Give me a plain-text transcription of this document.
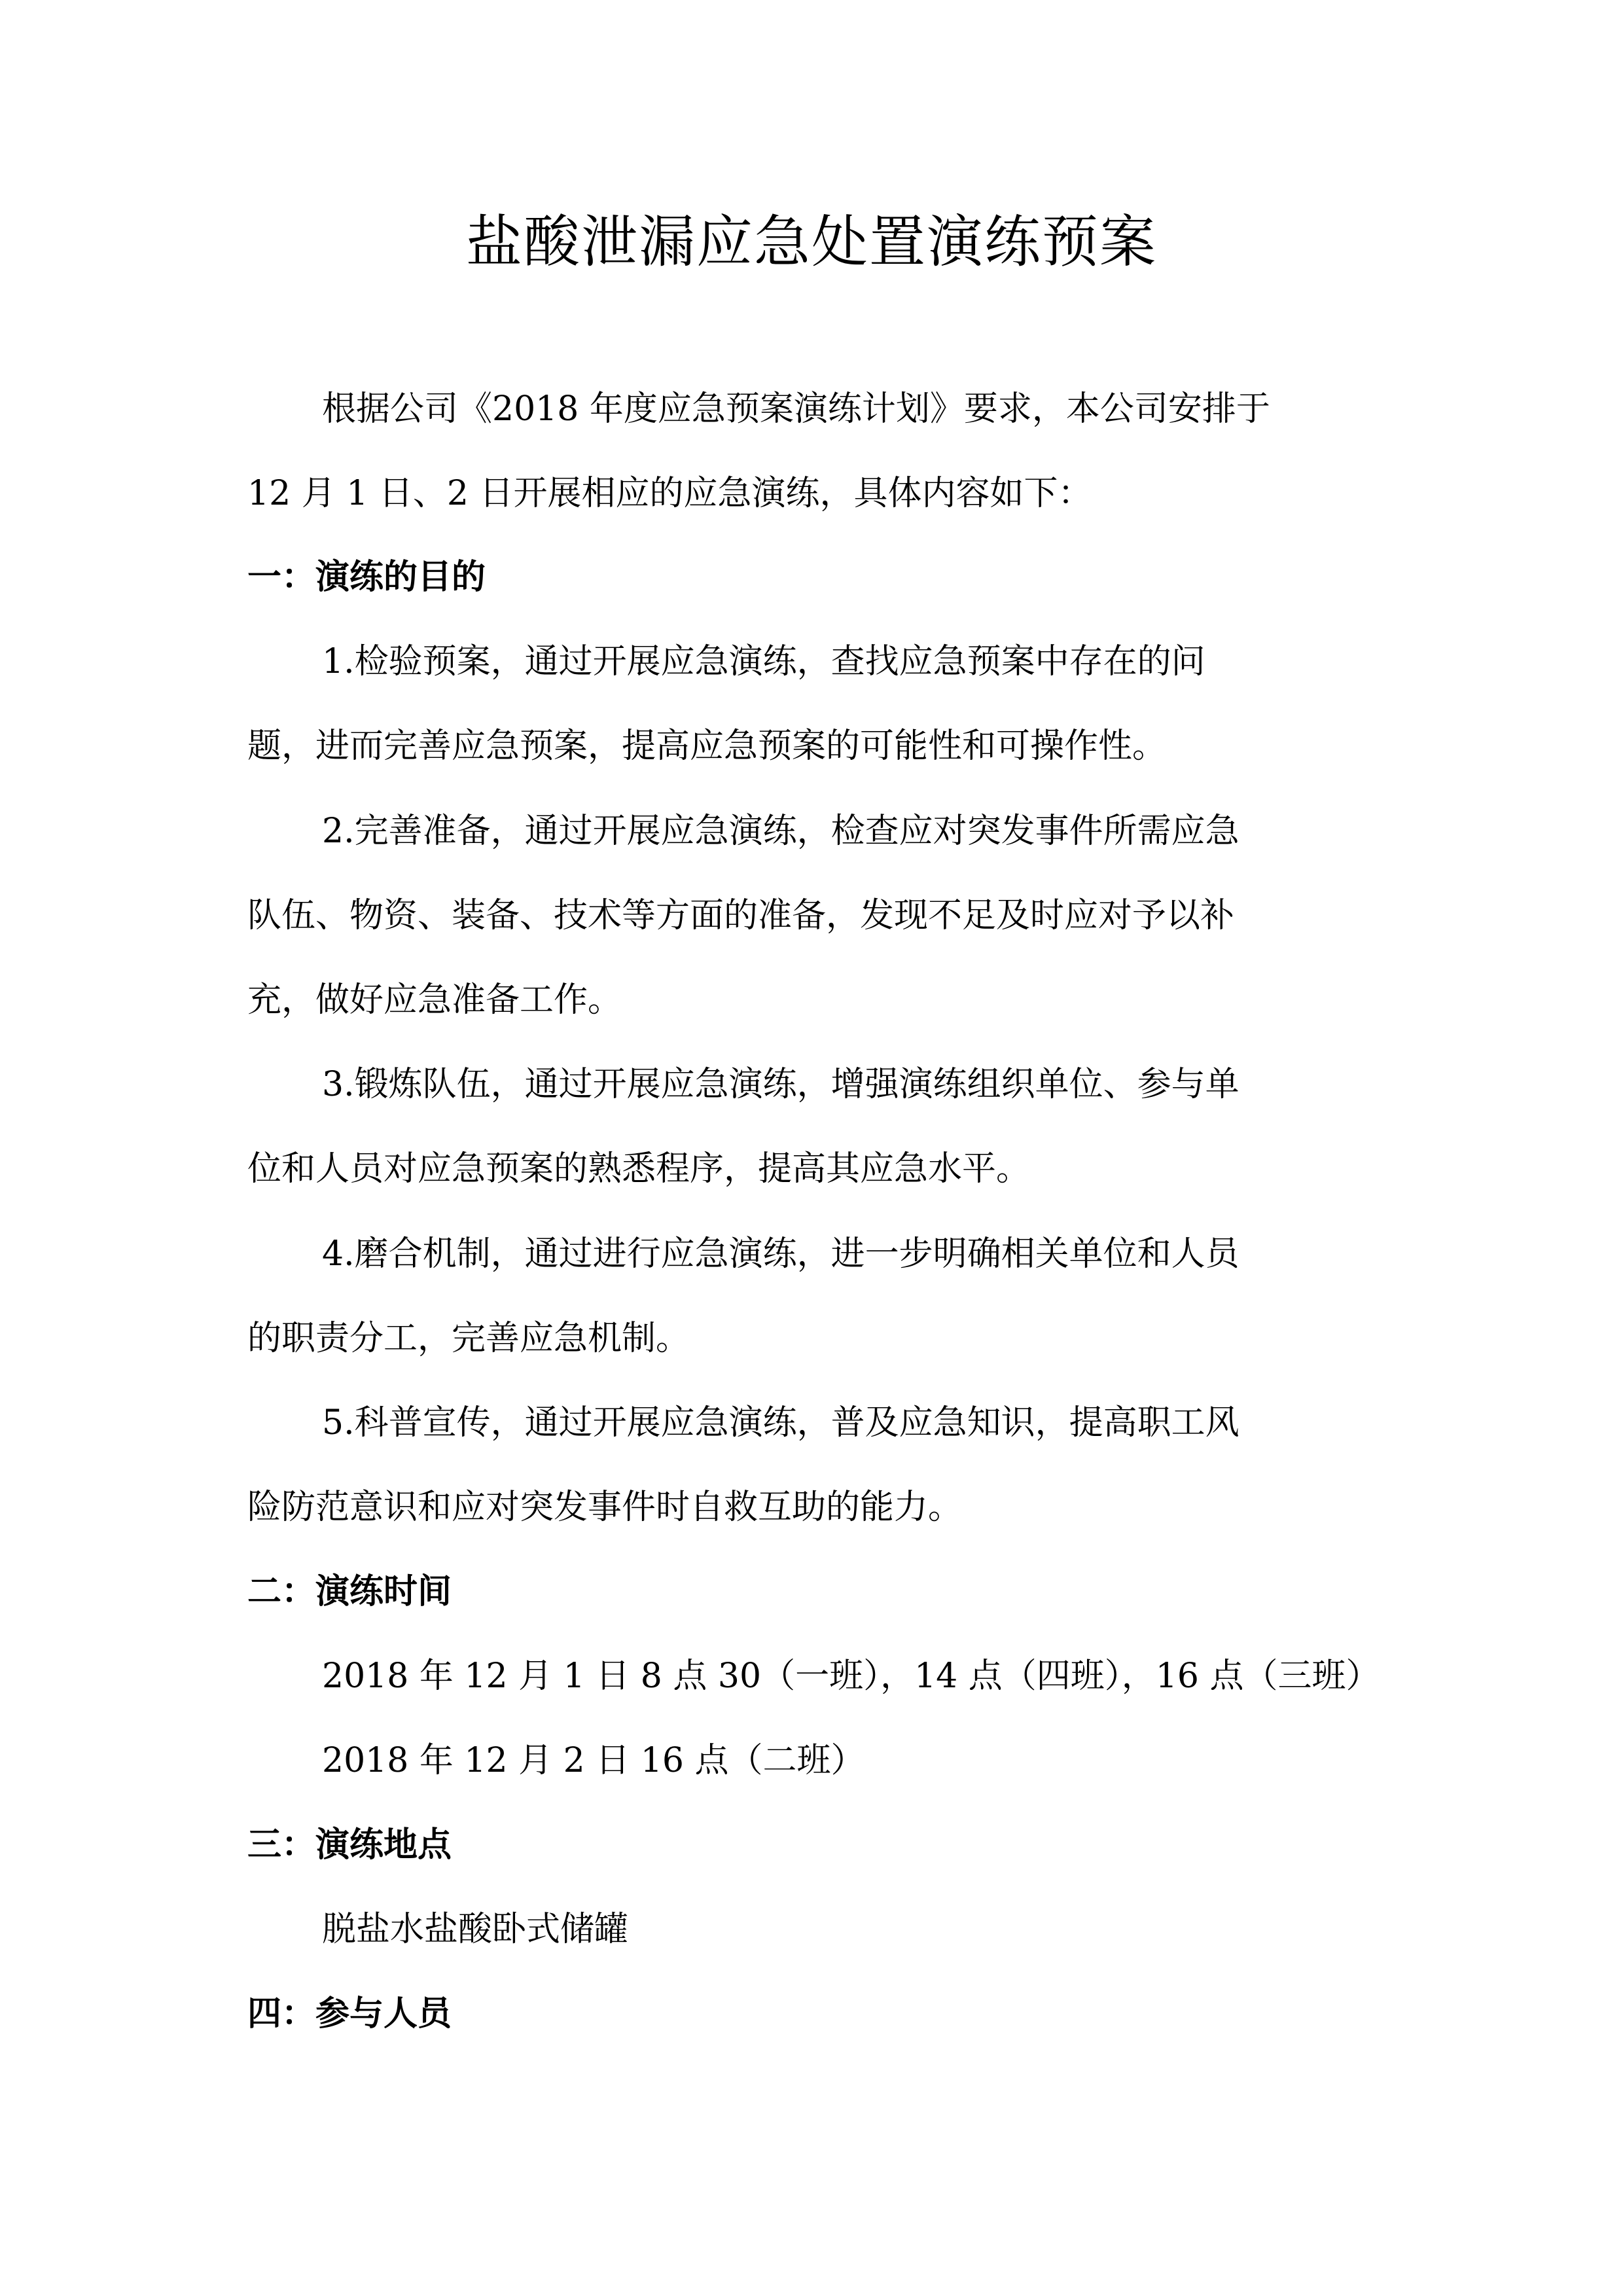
盐酸泄漏应急处置演练预案
根据公司《2018 年度应急预案演练计划》要求，本公司安排于
12 月 1 日、2 日开展相应的应急演练，具体内容如下：
一：演练的目的
1.检验预案，通过开展应急演练，查找应急预案中存在的问
题，进而完善应急预案，提高应急预案的可能性和可操作性。
2.完善准备，通过开展应急演练，检查应对突发事件所需应急
队伍、物资、装备、技术等方面的准备，发现不足及时应对予以补
充，做好应急准备工作。
3.锻炼队伍，通过开展应急演练，增强演练组织单位、参与单
位和人员对应急预案的熟悉程序，提高其应急水平。
4.磨合机制，通过进行应急演练，进一步明确相关单位和人员
的职责分工，完善应急机制。
5.科普宣传，通过开展应急演练，普及应急知识，提高职工风
险防范意识和应对突发事件时自救互助的能力。
二：演练时间
2018 年 12 月 1 日 8 点 30（一班），14 点（四班），16 点（三班）
2018 年 12 月 2 日 16 点（二班）
三：演练地点
脱盐水盐酸卧式储罐
四：参与人员
